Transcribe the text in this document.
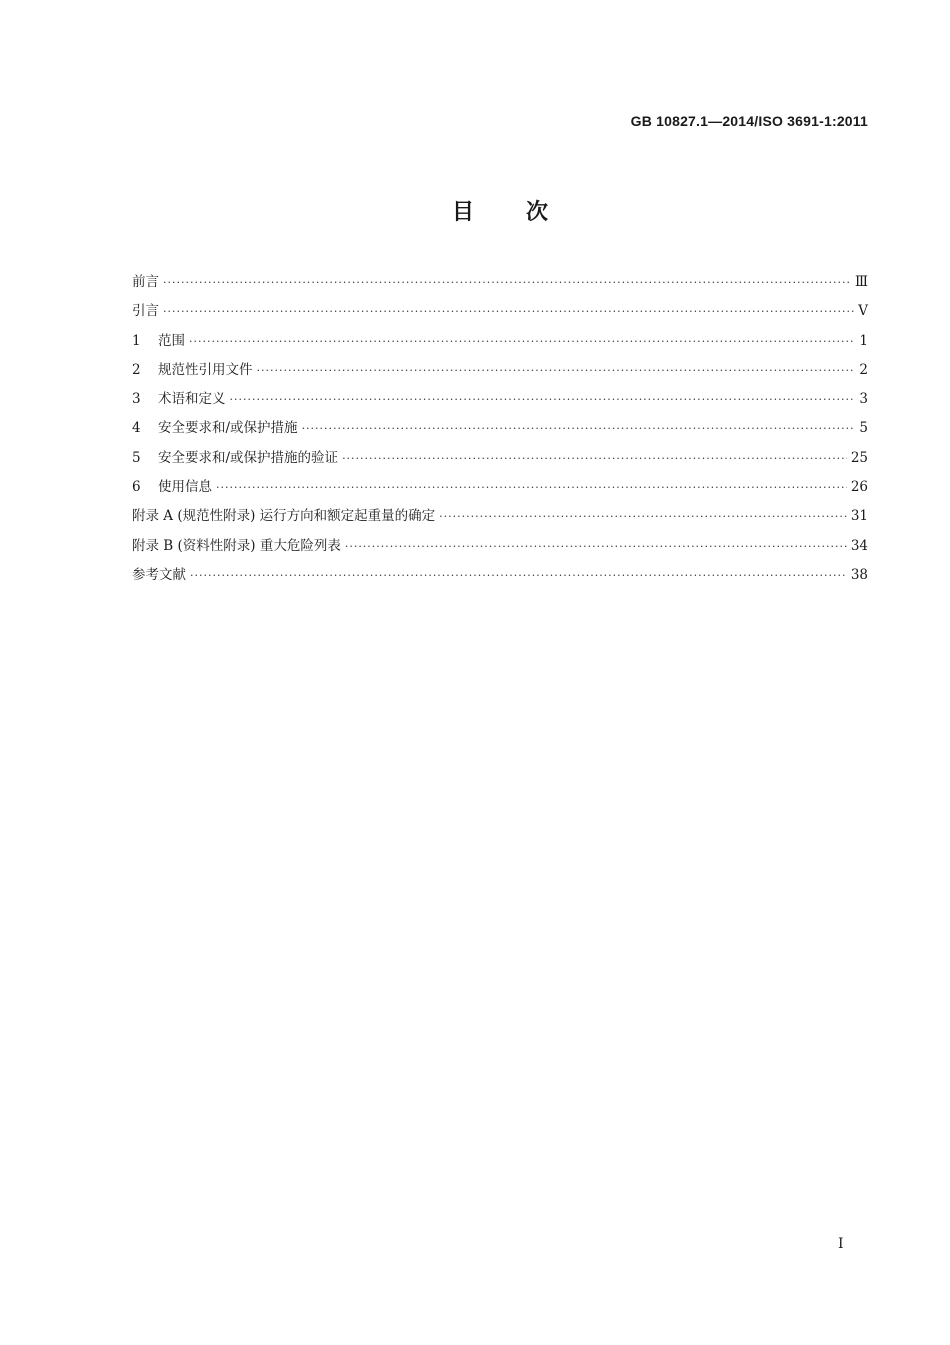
GB 10827.1—2014/ISO 3691-1:2011
目次
前言 ·····	Ⅲ
引言 ·····	Ⅴ
1 范围 ·····	1
2 规范性引用文件 ·····	2
3 术语和定义 ·····	3
4 安全要求和/或保护措施 ·····	5
5 安全要求和/或保护措施的验证 ·····	25
6 使用信息 ·····	26
附录 A (规范性附录) 运行方向和额定起重量的确定 ·····	31
附录 B (资料性附录) 重大危险列表 ·····	34
参考文献 ·····	38
Ⅰ
